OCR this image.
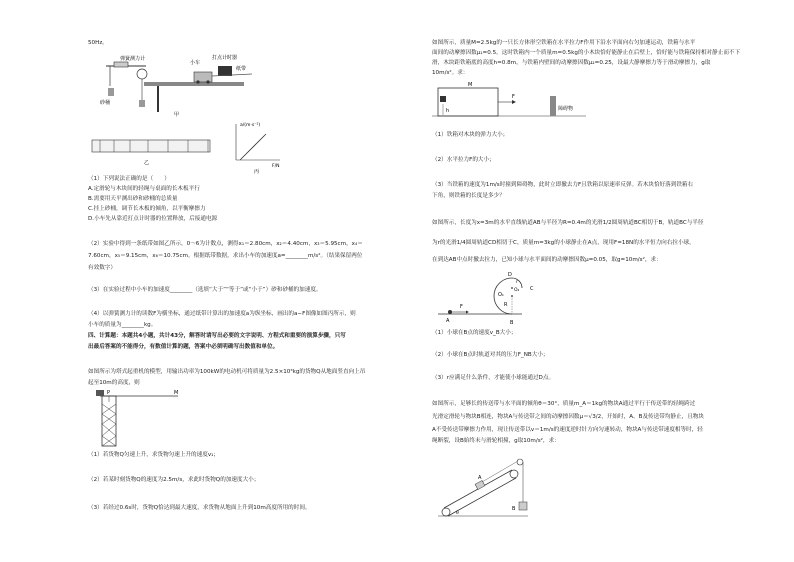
50Hz。
弹簧测力计
小车
打点计时器
纸带
砂桶
甲
乙
a/(m·s⁻²)
F/N
丙
（1）下列说法正确的是（　　）
A.定滑轮与木块间的轻绳与桌面的长木板平行
B.需要用天平测出砂和砂桶的总质量
C.挂上砂桶，调节长木板的倾角，以平衡摩擦力
D.小车先从靠近打点计时器的位置释放，后接通电源
（2）实验中得到一条纸带如图乙所示，0～6为计数点，测得x₁＝2.80cm，x₂＝4.40cm，x₃＝5.95cm，x₄＝
7.60cm，x₅＝9.15cm，x₆＝10.75cm。根据纸带数据，求出小车的加速度a=________m/s²。（结果保留两位
有效数字）
（3）在实验过程中小车的加速度________（选填“大于”“等于”或“小于”）砂和砂桶的加速度。
（4）以弹簧测力计的读数F为横坐标，通过纸带计算出的加速度a为纵坐标，画出的a−F图像如图丙所示，则
小车的质量为________kg。
四、计算题：本题共4小题，共计43分，解答时请写出必要的文字说明、方程式和重要的演算步骤，只写
出最后答案的不能得分，有数值计算的题，答案中必须明确写出数值和单位。
如图所示为塔式起重机的模型，用输出功率为100kW的电动机可将质量为2.5×10³kg的货物Q从地面竖直向上吊
起至10m的高度，则
P	M
（1）若货物Q匀速上升，求货物匀速上升的速度v₁；
（2）若某时刻货物Q的速度为2.5m/s，求此时货物Q的加速度大小；
（3）若经过0.6s时，货物Q恰达到最大速度，求货物从地面上升到10m高度所用的时间。
如图所示，质量M=2.5kg的一只长方体形空铁箱在水平拉力F作用下沿水平面向右匀加速运动，铁箱与水平
面间的动摩擦因数μ₁=0.5。这时铁箱内一个质量m=0.5kg的小木块恰好能静止在后壁上，恰好能与铁箱保持相对静止而不下
滑，木块距铁箱底的高度h=0.8m，与铁箱内壁间的动摩擦因数μ₂=0.25，设最大静摩擦力等于滑动摩擦力，g取
10m/s²。求：
M
F
h	障碍物
（1）铁箱对木块的弹力大小；
（2）水平拉力F的大小；
（3）当铁箱的速度为1m/s时撞到障碍物，此时立即撤去力F且铁箱以原速率反弹。若木块恰好落到铁箱右
下角，则铁箱的长度是多少？
如图所示，长度为x=3m的水平直线轨道AB与半径为R=0.4m的光滑1/2圆周轨道BC相切于B，轨道BC与半径
为r的光滑1/4圆周轨道CD相切于C，质量m=3kg的小球静止在A点，现用F=18N的水平恒力向右拉小球，
在到达AB中点时撤去拉力，已知小球与水平面间的动摩擦因数μ=0.05，取g=10m/s²，求：
A	B
C
D
F
O₁
O₂
R
r
（1）小球在B点的速度v_B大小；
（2）小球在B点时轨道对其的压力F_NB大小；
（3）r应满足什么条件，才能使小球能通过D点。
如图所示，足够长的传送带与水平面的倾角θ＝30°，质量m_A＝1kg的物块A通过平行于传送带的轻绳跨过
光滑定滑轮与物块B相连，物块A与传送带之间的动摩擦因数μ＝√3/2，开始时，A、B及传送带均静止，且物块
A不受传送带摩擦力作用，现让传送带以v＝1m/s的速度逆时针方向匀速转动，物块A与传送带速度相等时，轻
绳断裂，设B始终未与滑轮相撞，g取10m/s²，求：
A
B
θ
